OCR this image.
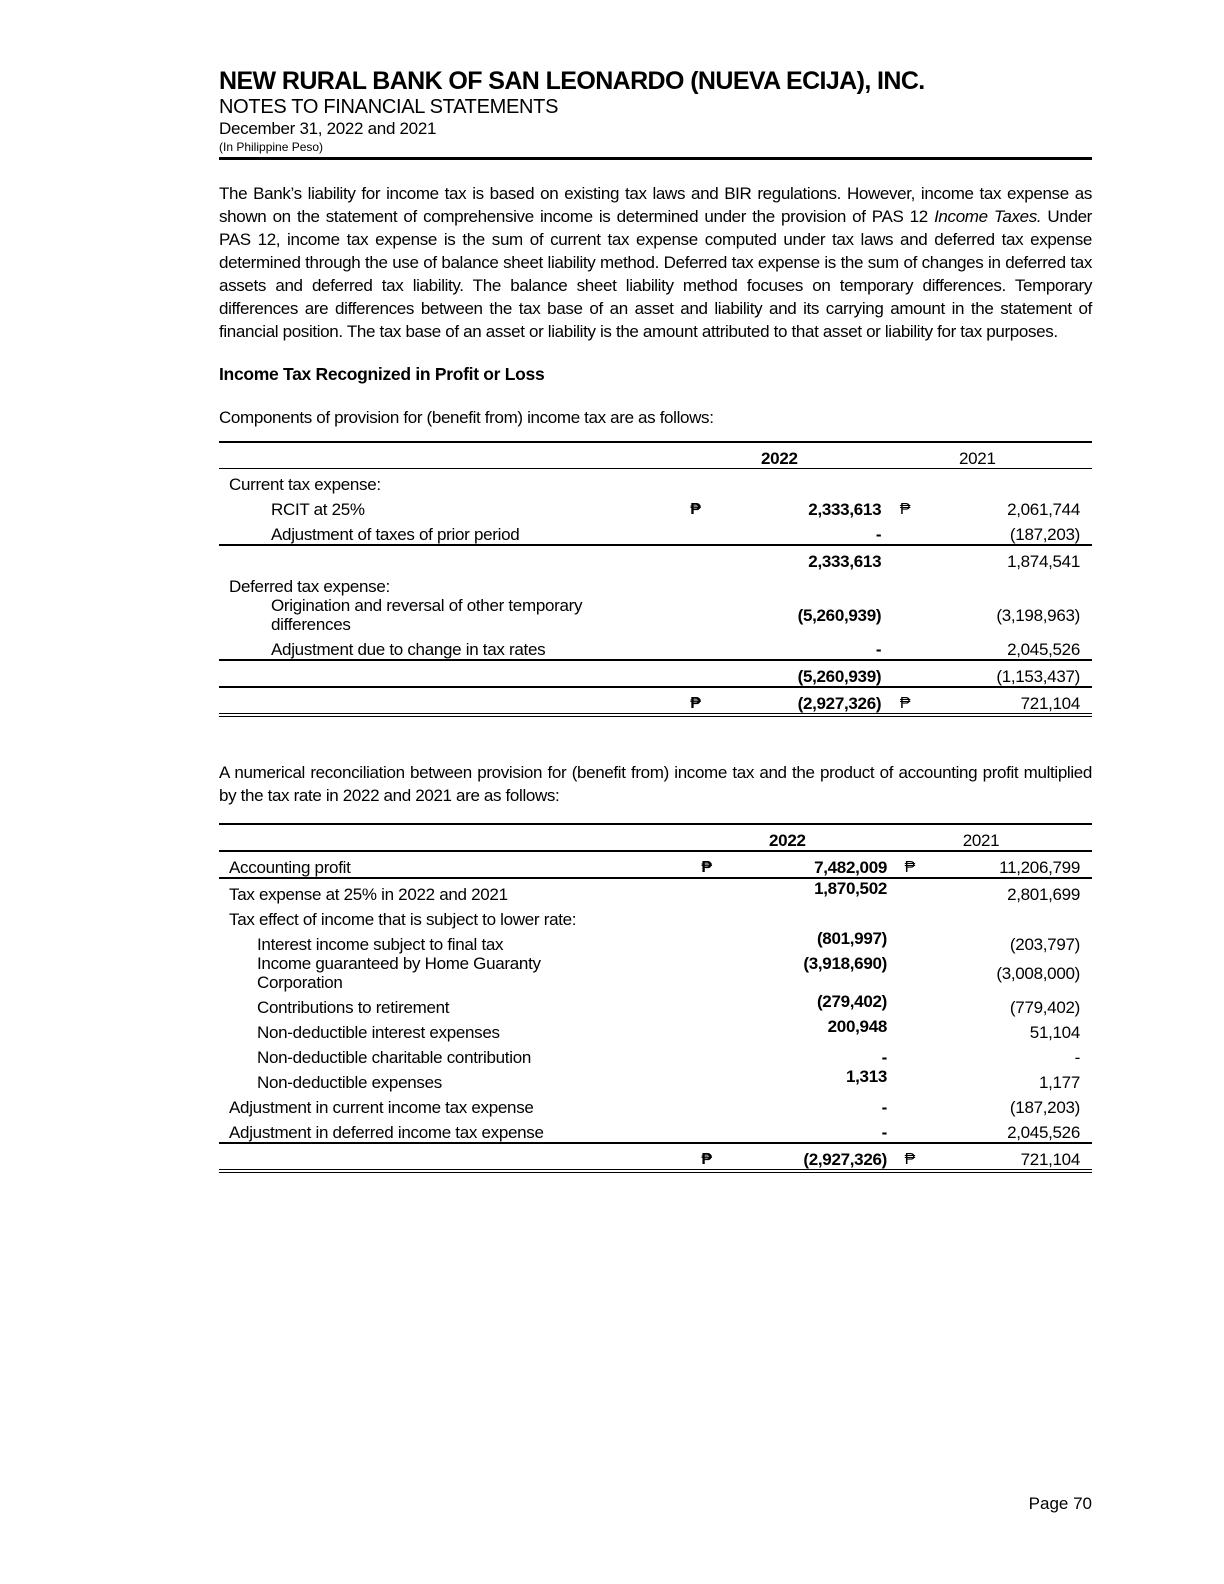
NEW RURAL BANK OF SAN LEONARDO (NUEVA ECIJA), INC.
NOTES TO FINANCIAL STATEMENTS
December 31, 2022 and 2021
(In Philippine Peso)

The Bank’s liability for income tax is based on existing tax laws and BIR regulations. However, income tax expense as shown on the statement of comprehensive income is determined under the provision of PAS 12 Income Taxes. Under PAS 12, income tax expense is the sum of current tax expense computed under tax laws and deferred tax expense determined through the use of balance sheet liability method. Deferred tax expense is the sum of changes in deferred tax assets and deferred tax liability. The balance sheet liability method focuses on temporary differences. Temporary differences are differences between the tax base of an asset and liability and its carrying amount in the statement of financial position. The tax base of an asset or liability is the amount attributed to that asset or liability for tax purposes.

Income Tax Recognized in Profit or Loss

Components of provision for (benefit from) income tax are as follows:

		2022		2021
Current tax expense:				
RCIT at 25%	₱	2,333,613	₱	2,061,744
Adjustment of taxes of prior period		-		(187,203)
		2,333,613		1,874,541
Deferred tax expense:				
Origination and reversal of other temporary differences		(5,260,939)		(3,198,963)
Adjustment due to change in tax rates		-		2,045,526
		(5,260,939)		(1,153,437)
	₱	(2,927,326)	₱	721,104

A numerical reconciliation between provision for (benefit from) income tax and the product of accounting profit multiplied by the tax rate in 2022 and 2021 are as follows:

		2022		2021
Accounting profit	₱	7,482,009	₱	11,206,799
Tax expense at 25% in 2022 and 2021		1,870,502		2,801,699
Tax effect of income that is subject to lower rate:				
Interest income subject to final tax		(801,997)		(203,797)
Income guaranteed by Home Guaranty Corporation		(3,918,690)		(3,008,000)
Contributions to retirement		(279,402)		(779,402)
Non-deductible interest expenses		200,948		51,104
Non-deductible charitable contribution		-		-
Non-deductible expenses		1,313		1,177
Adjustment in current income tax expense		-		(187,203)
Adjustment in deferred income tax expense		-		2,045,526
	₱	(2,927,326)	₱	721,104
Page 70
